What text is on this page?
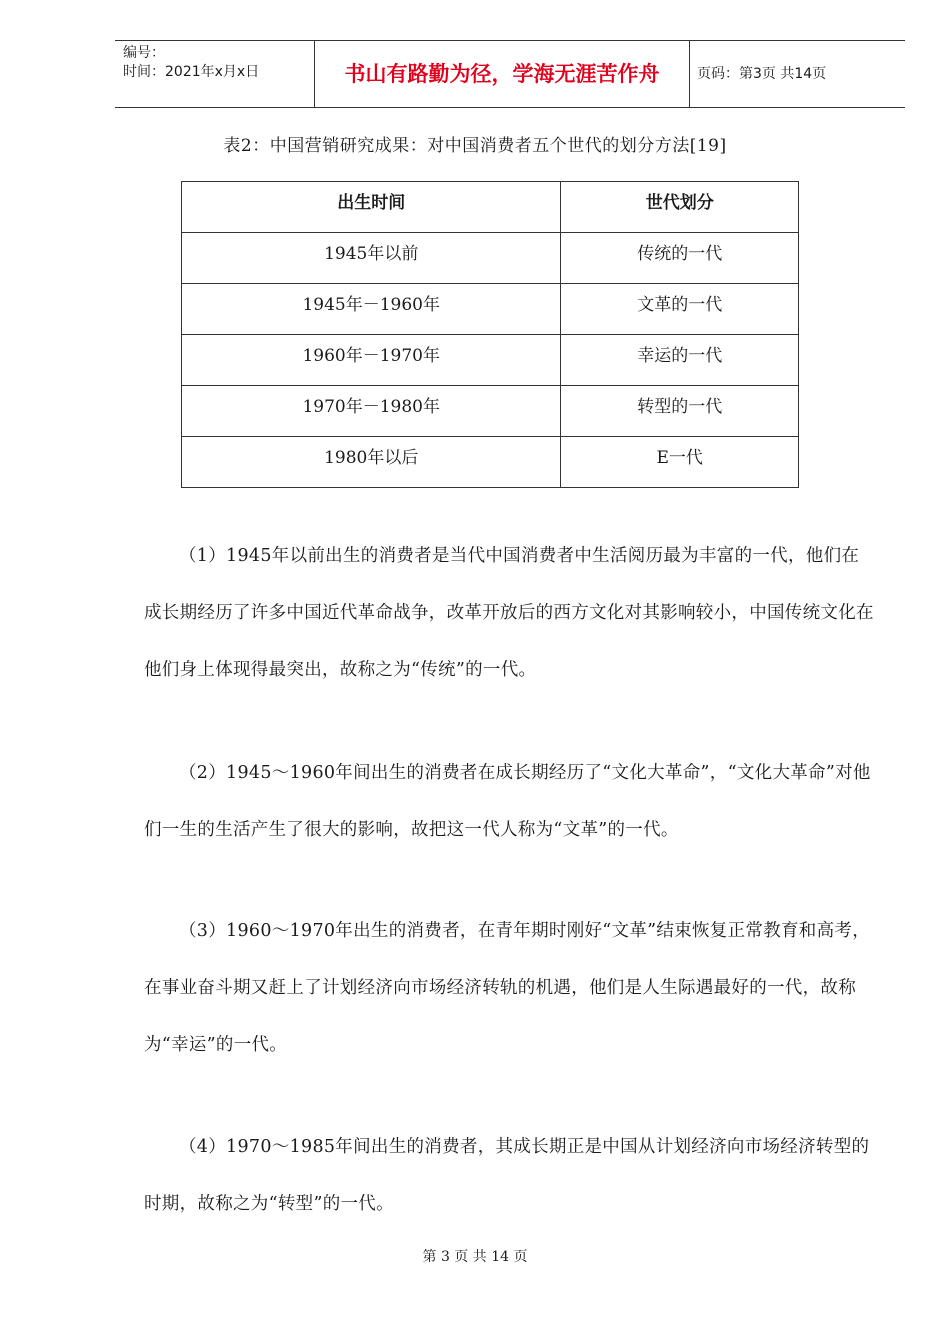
编号：
时间：2021年x月x日	书山有路勤为径，学海无涯苦作舟	页码：第3页 共14页
表2：中国营销研究成果：对中国消费者五个世代的划分方法[19]
出生时间	世代划分
1945年以前	传统的一代
1945年－1960年	文革的一代
1960年－1970年	幸运的一代
1970年－1980年	转型的一代
1980年以后	E一代

（1）1945年以前出生的消费者是当代中国消费者中生活阅历最为丰富的一代，他们在成长期经历了许多中国近代革命战争，改革开放后的西方文化对其影响较小，中国传统文化在他们身上体现得最突出，故称之为“传统”的一代。

（2）1945～1960年间出生的消费者在成长期经历了“文化大革命”，“文化大革命”对他们一生的生活产生了很大的影响，故把这一代人称为“文革”的一代。

（3）1960～1970年出生的消费者，在青年期时刚好“文革”结束恢复正常教育和高考，在事业奋斗期又赶上了计划经济向市场经济转轨的机遇，他们是人生际遇最好的一代，故称为“幸运”的一代。

（4）1970～1985年间出生的消费者，其成长期正是中国从计划经济向市场经济转型的时期，故称之为“转型”的一代。

第 3 页 共 14 页
